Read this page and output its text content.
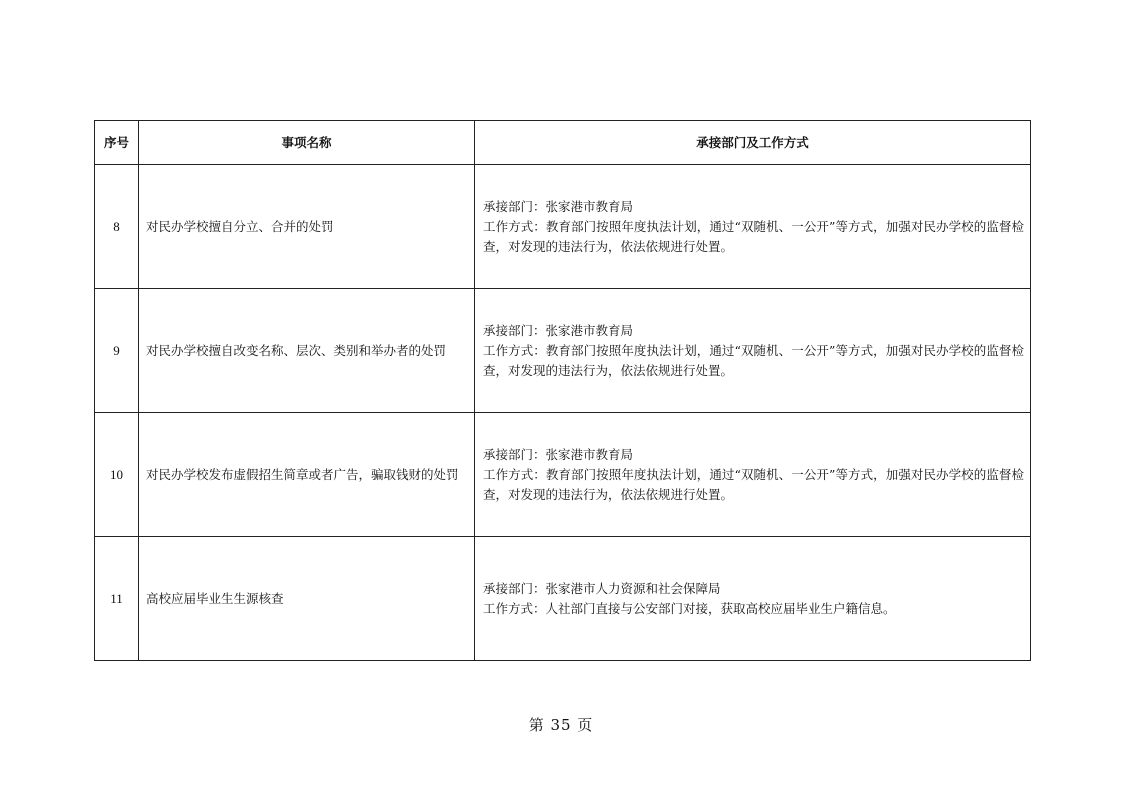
序号	事项名称	承接部门及工作方式
8	对民办学校擅自分立、合并的处罚	承接部门：张家港市教育局
工作方式：教育部门按照年度执法计划，通过“双随机、一公开”等方式，加强对民办学校的监督检查，对发现的违法行为，依法依规进行处置。

9	对民办学校擅自改变名称、层次、类别和举办者的处罚	承接部门：张家港市教育局
工作方式：教育部门按照年度执法计划，通过“双随机、一公开”等方式，加强对民办学校的监督检查，对发现的违法行为，依法依规进行处置。

10	对民办学校发布虚假招生简章或者广告，骗取钱财的处罚	承接部门：张家港市教育局
工作方式：教育部门按照年度执法计划，通过“双随机、一公开”等方式，加强对民办学校的监督检查，对发现的违法行为，依法依规进行处置。

11	高校应届毕业生生源核查	承接部门：张家港市人力资源和社会保障局
工作方式：人社部门直接与公安部门对接，获取高校应届毕业生户籍信息。
第 35 页
